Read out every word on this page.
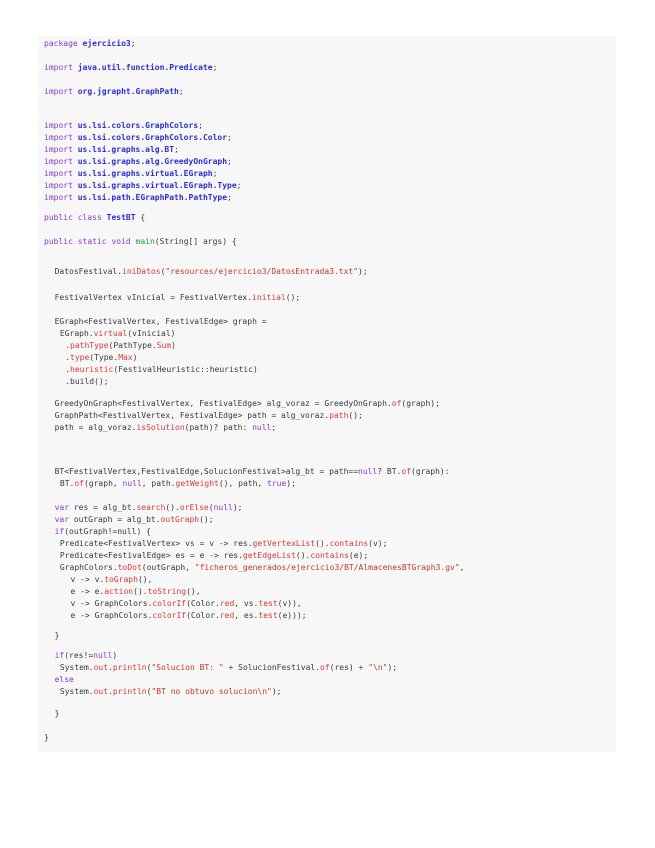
package ejercicio3;
import java.util.function.Predicate;
import org.jgrapht.GraphPath;
import us.lsi.colors.GraphColors;
import us.lsi.colors.GraphColors.Color;
import us.lsi.graphs.alg.BT;
import us.lsi.graphs.alg.GreedyOnGraph;
import us.lsi.graphs.virtual.EGraph;
import us.lsi.graphs.virtual.EGraph.Type;
import us.lsi.path.EGraphPath.PathType;
public class TestBT {
public static void main(String[] args) {
DatosFestival.iniDatos("resources/ejercicio3/DatosEntrada3.txt");
FestivalVertex vInicial = FestivalVertex.initial();
EGraph<FestivalVertex, FestivalEdge> graph =
EGraph.virtual(vInicial)
.pathType(PathType.Sum)
.type(Type.Max)
.heuristic(FestivalHeuristic::heuristic)
.build();
GreedyOnGraph<FestivalVertex, FestivalEdge> alg_voraz = GreedyOnGraph.of(graph);
GraphPath<FestivalVertex, FestivalEdge> path = alg_voraz.path();
path = alg_voraz.isSolution(path)? path: null;
BT<FestivalVertex,FestivalEdge,SolucionFestival>alg_bt = path==null? BT.of(graph):
BT.of(graph, null, path.getWeight(), path, true);
var res = alg_bt.search().orElse(null);
var outGraph = alg_bt.outGraph();
if(outGraph!=null) {
Predicate<FestivalVertex> vs = v -> res.getVertexList().contains(v);
Predicate<FestivalEdge> es = e -> res.getEdgeList().contains(e);
GraphColors.toDot(outGraph, "ficheros_generados/ejercicio3/BT/AlmacenesBTGraph3.gv",
v -> v.toGraph(),
e -> e.action().toString(),
v -> GraphColors.colorIf(Color.red, vs.test(v)),
e -> GraphColors.colorIf(Color.red, es.test(e)));
}
if(res!=null)
System.out.println("Solucion BT: " + SolucionFestival.of(res) + "\n");
else
System.out.println("BT no obtuvo solucion\n");
}
}
